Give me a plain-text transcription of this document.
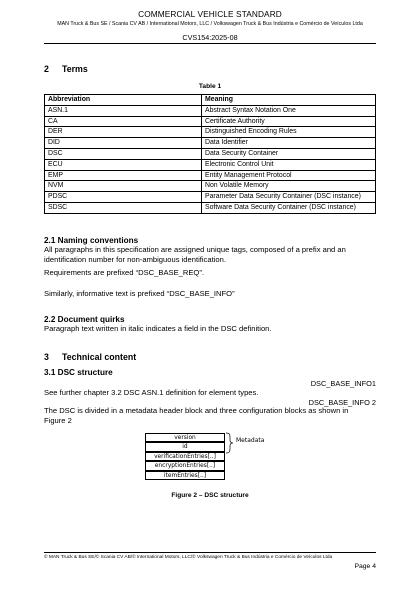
COMMERCIAL VEHICLE STANDARD
MAN Truck & Bus SE / Scania CV AB / International Motors, LLC / Volkswagen Truck & Bus Indústria e Comércio de Veículos Ltda
CVS154:2025-08
2 Terms
Table 1
Abbreviation	Meaning
ASN.1	Abstract Syntax Notation One
CA	Certificate Authority
DER	Distinguished Encoding Rules
DID	Data Identifier
DSC	Data Security Container
ECU	Electronic Control Unit
EMP	Entity Management Protocol
NVM	Non Volatile Memory
PDSC	Parameter Data Security Container (DSC instance)
SDSC	Software Data Security Container (DSC instance)
2.1 Naming conventions
All paragraphs in this specification are assigned unique tags, composed of a prefix and an identification number for non-ambiguous identification.
Requirements are prefixed “DSC_BASE_REQ”.
Similarly, informative text is prefixed “DSC_BASE_INFO”
2.2 Document quirks
Paragraph text written in italic indicates a field in the DSC definition.
3 Technical content
3.1 DSC structure
DSC_BASE_INFO1
See further chapter 3.2 DSC ASN.1 definition for element types.
DSC_BASE_INFO 2
The DSC is divided in a metadata header block and three configuration blocks as shown in Figure 2
version
id
verificationEntries[..]
encryptionEntries[..]
itemEntries[..]
Metadata
Figure 2 – DSC structure
© MAN Truck & Bus SE/© Scania CV AB/© International Motors, LLC/© Volkswagen Truck & Bus Indústria e Comércio de Veículos Ltda
Page 4
